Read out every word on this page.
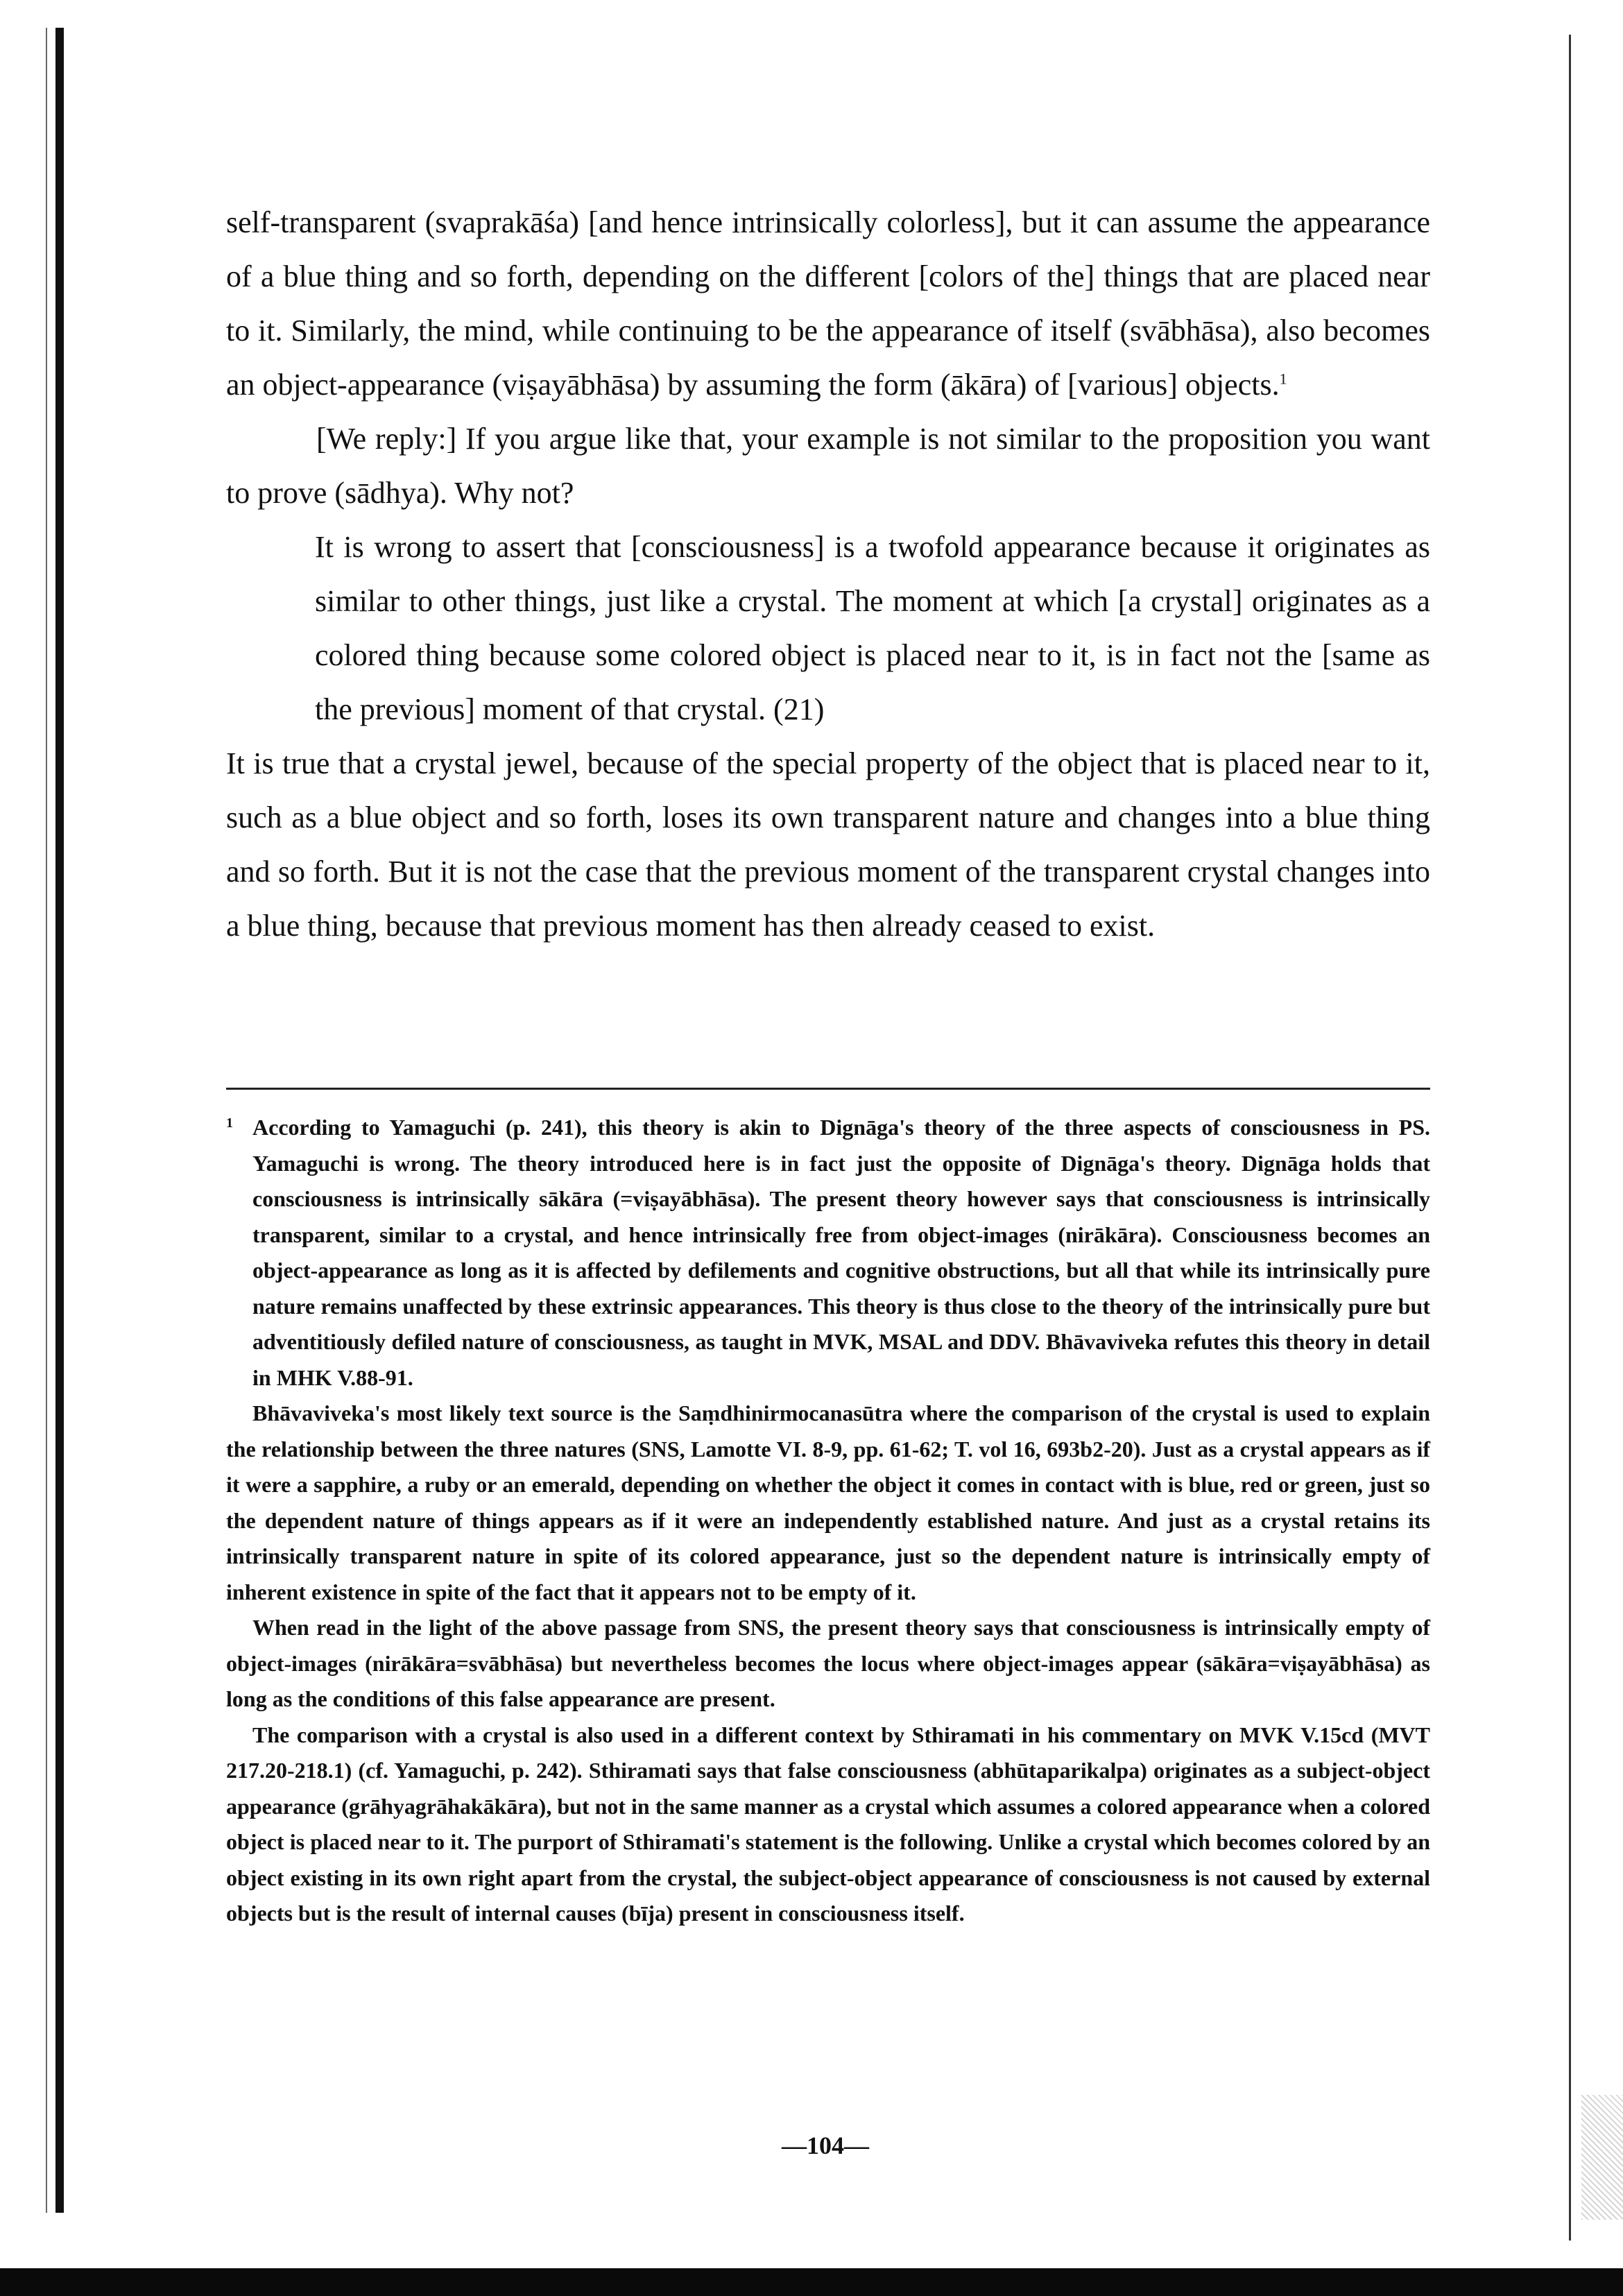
self-transparent (svaprakāśa) [and hence intrinsically colorless], but it can assume the appearance of a blue thing and so forth, depending on the different [colors of the] things that are placed near to it. Similarly, the mind, while continuing to be the appearance of itself (svābhāsa), also becomes an object-appearance (viṣayābhāsa) by assuming the form (ākāra) of [various] objects.$^1$

[We reply:] If you argue like that, your example is not similar to the proposition you want to prove (sādhya). Why not?

It is wrong to assert that [consciousness] is a twofold appearance because it originates as similar to other things, just like a crystal. The moment at which [a crystal] originates as a colored thing because some colored object is placed near to it, is in fact not the [same as the previous] moment of that crystal. (21)

It is true that a crystal jewel, because of the special property of the object that is placed near to it, such as a blue object and so forth, loses its own transparent nature and changes into a blue thing and so forth. But it is not the case that the previous moment of the transparent crystal changes into a blue thing, because that previous moment has then already ceased to exist.

1 According to Yamaguchi (p. 241), this theory is akin to Dignāga's theory of the three aspects of consciousness in PS. Yamaguchi is wrong. The theory introduced here is in fact just the opposite of Dignāga's theory. Dignāga holds that consciousness is intrinsically sākāra (=viṣayābhāsa). The present theory however says that consciousness is intrinsically transparent, similar to a crystal, and hence intrinsically free from object-images (nirākāra). Consciousness becomes an object-appearance as long as it is affected by defilements and cognitive obstructions, but all that while its intrinsically pure nature remains unaffected by these extrinsic appearances. This theory is thus close to the theory of the intrinsically pure but adventitiously defiled nature of consciousness, as taught in MVK, MSAL and DDV. Bhāvaviveka refutes this theory in detail in MHK V.88-91.

Bhāvaviveka's most likely text source is the Saṃdhinirmocanasūtra where the comparison of the crystal is used to explain the relationship between the three natures (SNS, Lamotte VI. 8-9, pp. 61-62; T. vol 16, 693b2-20). Just as a crystal appears as if it were a sapphire, a ruby or an emerald, depending on whether the object it comes in contact with is blue, red or green, just so the dependent nature of things appears as if it were an independently established nature. And just as a crystal retains its intrinsically transparent nature in spite of its colored appearance, just so the dependent nature is intrinsically empty of inherent existence in spite of the fact that it appears not to be empty of it.

When read in the light of the above passage from SNS, the present theory says that consciousness is intrinsically empty of object-images (nirākāra=svābhāsa) but nevertheless becomes the locus where object-images appear (sākāra=viṣayābhāsa) as long as the conditions of this false appearance are present.

The comparison with a crystal is also used in a different context by Sthiramati in his commentary on MVK V.15cd (MVT 217.20-218.1) (cf. Yamaguchi, p. 242). Sthiramati says that false consciousness (abhūtaparikalpa) originates as a subject-object appearance (grāhyagrāhakākāra), but not in the same manner as a crystal which assumes a colored appearance when a colored object is placed near to it. The purport of Sthiramati's statement is the following. Unlike a crystal which becomes colored by an object existing in its own right apart from the crystal, the subject-object appearance of consciousness is not caused by external objects but is the result of internal causes (bīja) present in consciousness itself.

—104—
